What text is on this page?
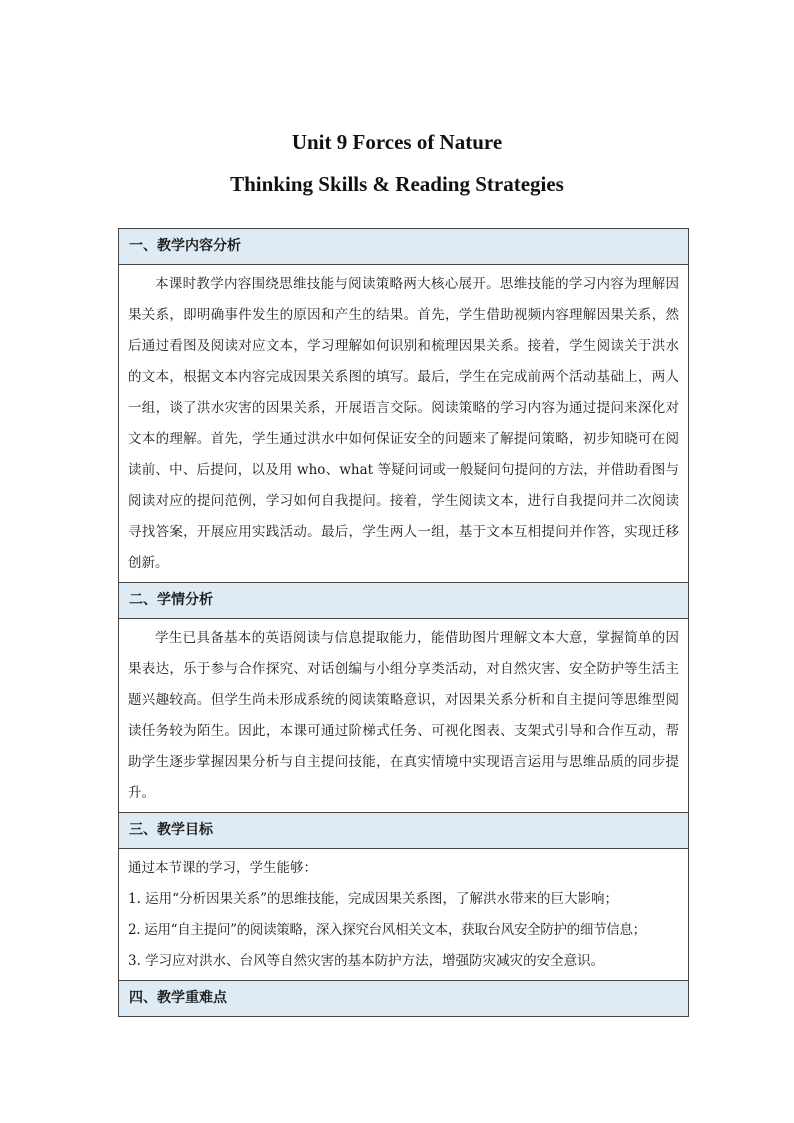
Unit 9 Forces of Nature
Thinking Skills & Reading Strategies
一、教学内容分析
本课时教学内容围绕思维技能与阅读策略两大核心展开。思维技能的学习内容为理解因果关系，即明确事件发生的原因和产生的结果。首先，学生借助视频内容理解因果关系，然后通过看图及阅读对应文本，学习理解如何识别和梳理因果关系。接着，学生阅读关于洪水的文本，根据文本内容完成因果关系图的填写。最后，学生在完成前两个活动基础上，两人一组，谈了洪水灾害的因果关系，开展语言交际。阅读策略的学习内容为通过提问来深化对文本的理解。首先，学生通过洪水中如何保证安全的问题来了解提问策略，初步知晓可在阅读前、中、后提问，以及用 who、what 等疑问词或一般疑问句提问的方法，并借助看图与阅读对应的提问范例，学习如何自我提问。接着，学生阅读文本，进行自我提问并二次阅读寻找答案，开展应用实践活动。最后，学生两人一组，基于文本互相提问并作答，实现迁移创新。
二、学情分析
学生已具备基本的英语阅读与信息提取能力，能借助图片理解文本大意，掌握简单的因果表达，乐于参与合作探究、对话创编与小组分享类活动，对自然灾害、安全防护等生活主题兴趣较高。但学生尚未形成系统的阅读策略意识，对因果关系分析和自主提问等思维型阅读任务较为陌生。因此，本课可通过阶梯式任务、可视化图表、支架式引导和合作互动，帮助学生逐步掌握因果分析与自主提问技能，在真实情境中实现语言运用与思维品质的同步提升。
三、教学目标
通过本节课的学习，学生能够：
1. 运用“分析因果关系”的思维技能，完成因果关系图，了解洪水带来的巨大影响；
2. 运用“自主提问”的阅读策略，深入探究台风相关文本，获取台风安全防护的细节信息；
3. 学习应对洪水、台风等自然灾害的基本防护方法，增强防灾减灾的安全意识。
四、教学重难点
